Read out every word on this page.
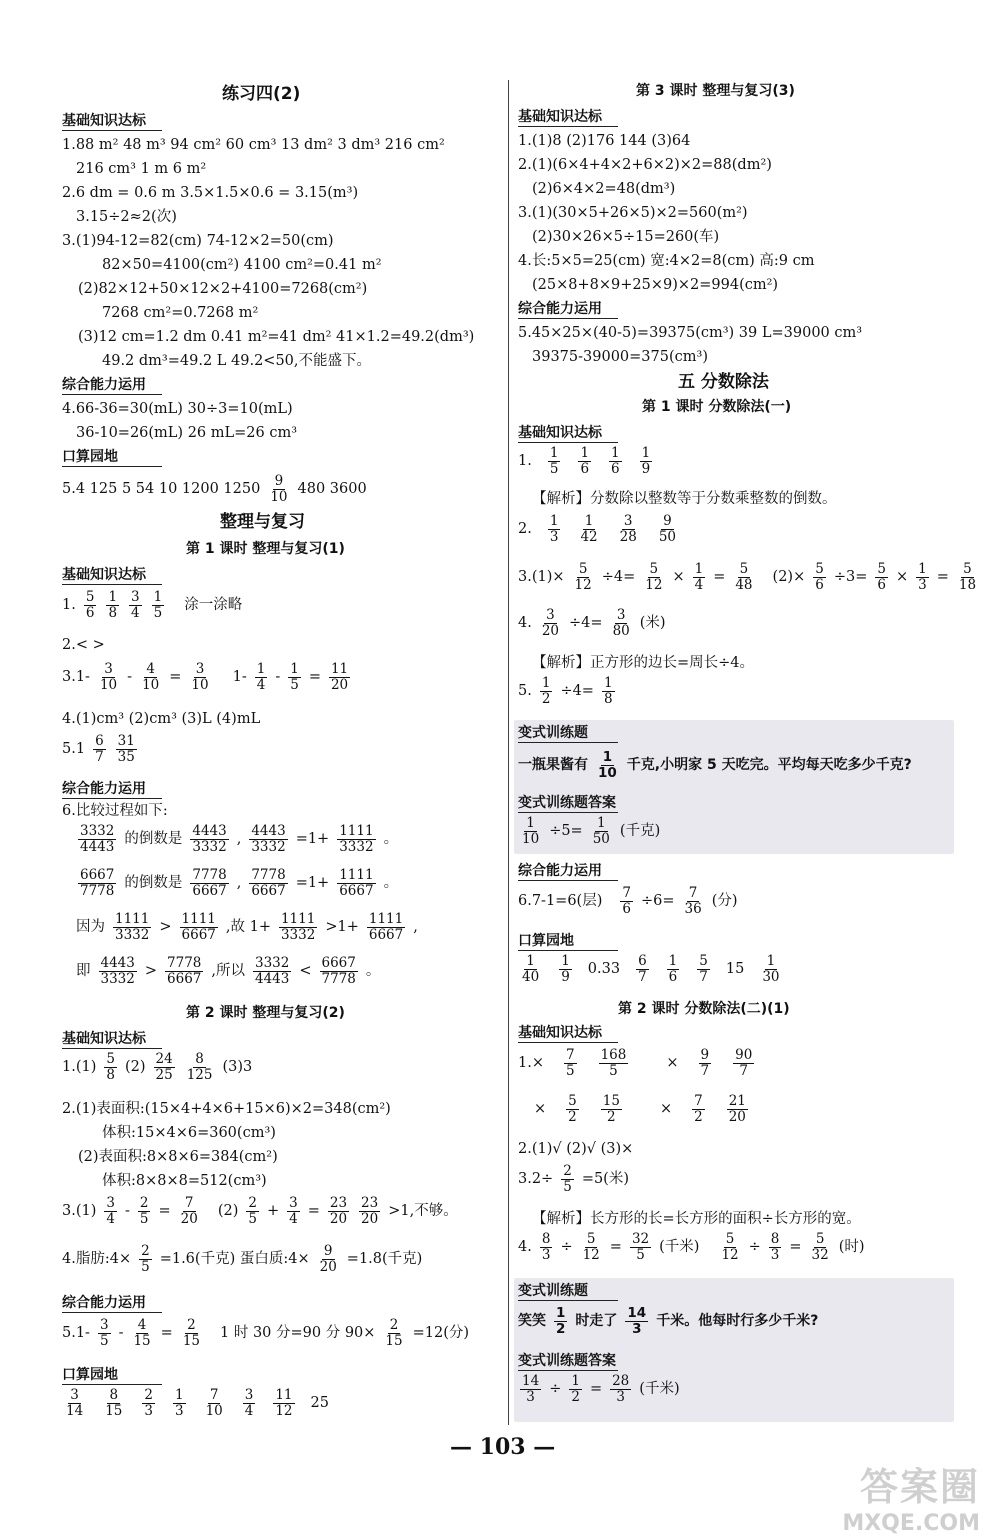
练习四(2)
基础知识达标
1.88 m² 48 m³ 94 cm² 60 cm³ 13 dm² 3 dm³ 216 cm²
216 cm³ 1 m 6 m²
2.6 dm = 0.6 m 3.5×1.5×0.6 = 3.15(m³)
3.15÷2≈2(次)
3.(1)94-12=82(cm) 74-12×2=50(cm)
82×50=4100(cm²) 4100 cm²=0.41 m²
(2)82×12+50×12×2+4100=7268(cm²)
7268 cm²=0.7268 m²
(3)12 cm=1.2 dm 0.41 m²=41 dm² 41×1.2=49.2(dm³)
49.2 dm³=49.2 L 49.2<50,不能盛下。
综合能力运用
4.66-36=30(mL) 30÷3=10(mL)
36-10=26(mL) 26 mL=26 cm³
口算园地
5.4 125 5 54 10 1200 1250
9
10 480 3600
整理与复习
第 1 课时 整理与复习(1)
基础知识达标
1.
5
6
1
8
3
4
1
5 涂一涂略
2.< >
3.1-
3
10 -
4
10 =
3
10 1-
1
4 -
1
5 =
11
20
4.(1)cm³ (2)cm³ (3)L (4)mL
5.1
6
7
31
35
综合能力运用
6.比较过程如下:
3332
4443 的倒数是
4443
3332 ,
4443
3332 =1+
1111
3332 。
6667
7778 的倒数是
7778
6667 ,
7778
6667 =1+
1111
6667 。
因为
1111
3332 >
1111
6667 ,故 $1+ \frac{1111}{3332} >1+$
1111
6667 ,
即
4443
3332 >
7778
6667 ,所以
3332
4443 <
6667
7778 。
第 2 课时 整理与复习(2)
基础知识达标
1.(1)
5
8 (2)
24
25
8
125 (3)3
2.(1)表面积:(15×4+4×6+15×6)×2=348(cm²)
体积:15×4×6=360(cm³)
(2)表面积:8×8×6=384(cm²)
体积:8×8×8=512(cm³)
3.(1)
3
4 -
2
5 =
7
20 (2)
2
5 +
3
4 =
23
20
23
20 >1,不够。
4.脂肪:4× $\frac{2}{5} =1.6$(千克) 蛋白质:4× $\frac{9}{20} =1.8$(千克)
综合能力运用
5.1-
3
5 -
4
15 =
2
15 1 时 30 分=90 分 $90\times \frac{2}{15} =12$(分)
口算园地
3
14
8
15
2
3
1
3
7
10
3
4
11
12 25
第 3 课时 整理与复习(3)
基础知识达标
1.(1)8 (2)176 144 (3)64
2.(1)(6×4+4×2+6×2)×2=88(dm²)
(2)6×4×2=48(dm³)
3.(1)(30×5+26×5)×2=560(m²)
(2)30×26×5÷15=260(车)
4.长:5×5=25(cm) 宽:4×2=8(cm) 高:9 cm
(25×8+8×9+25×9)×2=994(cm²)
综合能力运用
5.45×25×(40-5)=39375(cm³) 39 L=39000 cm³
39375-39000=375(cm³)
五 分数除法
第 1 课时 分数除法(一)
基础知识达标
1.
1
5
1
6
1
6
1
9
【解析】分数除以整数等于分数乘整数的倒数。
2.
1
3
1
42
3
28
9
50
$3.(1)\times \frac{5}{12} \div 4=$
5
12 ×
1
4 =
5
48 $(2)\times \frac{5}{6} \div 3=$
5
6 ×
1
3 =
5
18
4.
3
20 ÷4=
3
80 (米)
【解析】正方形的边长=周长÷4。
5.
1
2 ÷4=
1
8
变式训练题
一瓶果酱有
1
10 千克,小明家 5 天吃完。平均每天吃多少千克?
变式训练题答案
1
10 ÷5=
1
50 (千克)
综合能力运用
6.7-1=6(层)
7
6 ÷6=
7
36 (分)
口算园地
1
40
1
9 0.33
6
7
1
6
5
7 15
1
30
第 2 课时 分数除法(二)(1)
基础知识达标
$1.\times \frac{7}{5} \frac{168}{5}$	× $\frac{9}{7} 90$
7
× $\frac{5}{2} \frac{15}{2}$	× $\frac{7}{2} 21$
20
2.(1)√ (2)√ (3)×
$3.2\div \frac{2}{5} =5$(米)
【解析】长方形的长=长方形的面积÷长方形的宽。
4.
8
3 ÷
5
12 =
32
5 (千米)
5
12 ÷
8
3 =
5
32 (时)
变式训练题
笑笑
1
2 时走了
14
3 千米。他每时行多少千米?
变式训练题答案
14
3 ÷
1
2 =
28
3 (千米)
— 103 —
答案圈
MXQE.COM
